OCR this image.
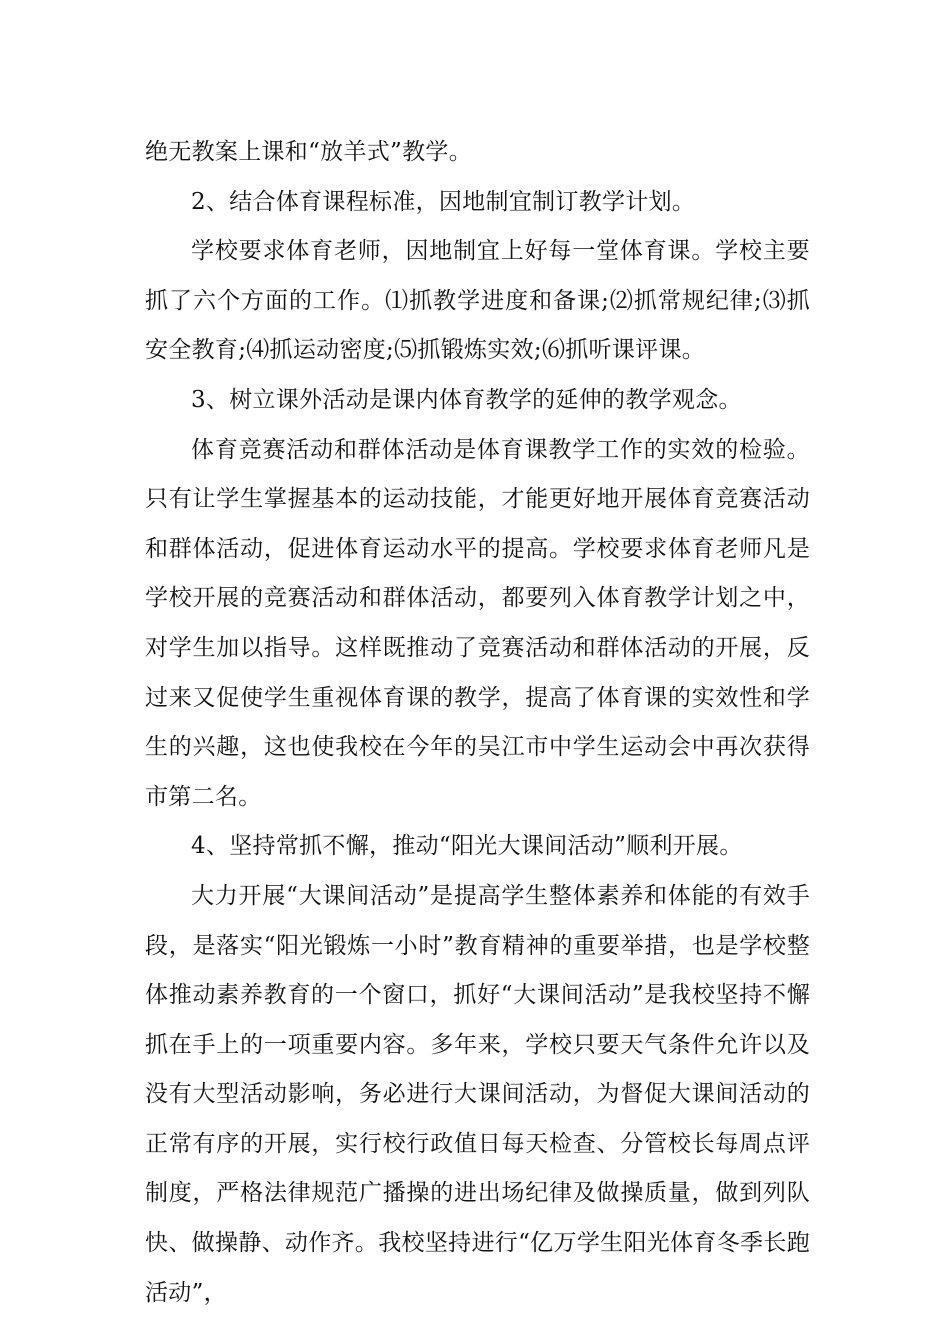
绝无教案上课和“放羊式”教学。

2、结合体育课程标准，因地制宜制订教学计划。

学校要求体育老师，因地制宜上好每一堂体育课。学校主要抓了六个方面的工作。⑴抓教学进度和备课;⑵抓常规纪律;⑶抓安全教育;⑷抓运动密度;⑸抓锻炼实效;⑹抓听课评课。

3、树立课外活动是课内体育教学的延伸的教学观念。

体育竞赛活动和群体活动是体育课教学工作的实效的检验。只有让学生掌握基本的运动技能，才能更好地开展体育竞赛活动和群体活动，促进体育运动水平的提高。学校要求体育老师凡是学校开展的竞赛活动和群体活动，都要列入体育教学计划之中，对学生加以指导。这样既推动了竞赛活动和群体活动的开展，反过来又促使学生重视体育课的教学，提高了体育课的实效性和学生的兴趣，这也使我校在今年的吴江市中学生运动会中再次获得市第二名。

4、坚持常抓不懈，推动“阳光大课间活动”顺利开展。

大力开展“大课间活动”是提高学生整体素养和体能的有效手段，是落实“阳光锻炼一小时”教育精神的重要举措，也是学校整体推动素养教育的一个窗口，抓好“大课间活动”是我校坚持不懈抓在手上的一项重要内容。多年来，学校只要天气条件允许以及没有大型活动影响，务必进行大课间活动，为督促大课间活动的正常有序的开展，实行校行政值日每天检查、分管校长每周点评制度，严格法律规范广播操的进出场纪律及做操质量，做到列队快、做操静、动作齐。我校坚持进行“亿万学生阳光体育冬季长跑活动”，
